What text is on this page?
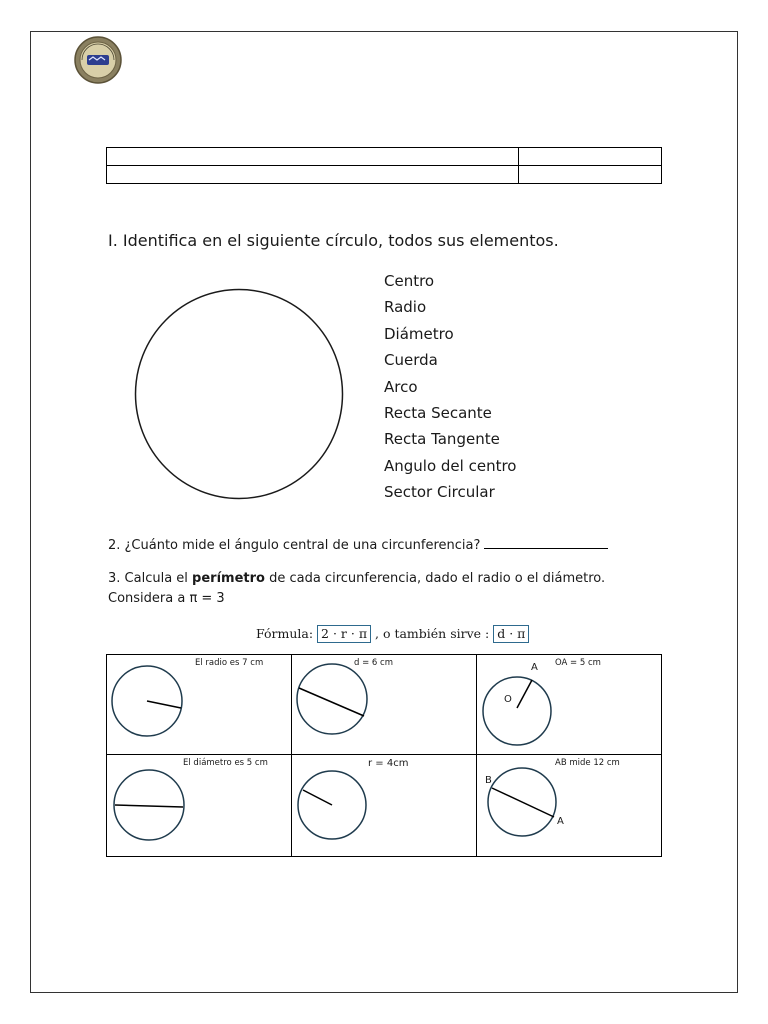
I. Identifica en el siguiente círculo, todos sus elementos.
Centro
Radio
Diámetro
Cuerda
Arco
Recta Secante
Recta Tangente
Angulo del centro
Sector Circular
2. ¿Cuánto mide el ángulo central de una circunferencia?
3. Calcula el perímetro de cada circunferencia, dado el radio o el diámetro.
Considera a π = 3
Fórmula: 2 · r · π , o también sirve : d · π
El radio es 7 cm	d = 6 cm	OA = 5 cm
A
O

El diámetro es 5 cm	r = 4cm	AB mide 12 cm
B
A
